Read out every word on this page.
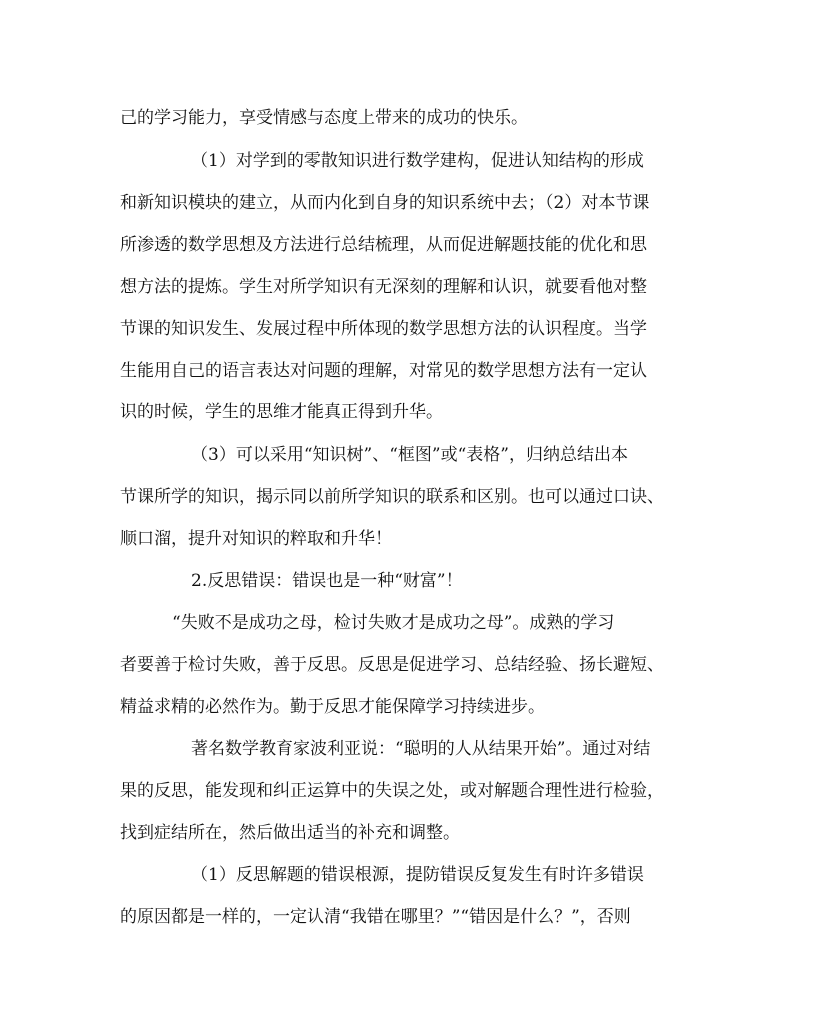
己的学习能力，享受情感与态度上带来的成功的快乐。
（1）对学到的零散知识进行数学建构，促进认知结构的形成
和新知识模块的建立，从而内化到自身的知识系统中去；（2）对本节课
所渗透的数学思想及方法进行总结梳理，从而促进解题技能的优化和思
想方法的提炼。学生对所学知识有无深刻的理解和认识，就要看他对整
节课的知识发生、发展过程中所体现的数学思想方法的认识程度。当学
生能用自己的语言表达对问题的理解，对常见的数学思想方法有一定认
识的时候，学生的思维才能真正得到升华。
（3）可以采用“知识树”、“框图”或“表格”，归纳总结出本
节课所学的知识，揭示同以前所学知识的联系和区别。也可以通过口诀、
顺口溜，提升对知识的粹取和升华！
2.反思错误：错误也是一种“财富”！
“失败不是成功之母，检讨失败才是成功之母”。成熟的学习
者要善于检讨失败，善于反思。反思是促进学习、总结经验、扬长避短、
精益求精的必然作为。勤于反思才能保障学习持续进步。
著名数学教育家波利亚说：“聪明的人从结果开始”。通过对结
果的反思，能发现和纠正运算中的失误之处，或对解题合理性进行检验，
找到症结所在，然后做出适当的补充和调整。
（1）反思解题的错误根源，提防错误反复发生有时许多错误
的原因都是一样的，一定认清“我错在哪里？”“错因是什么？”，否则
